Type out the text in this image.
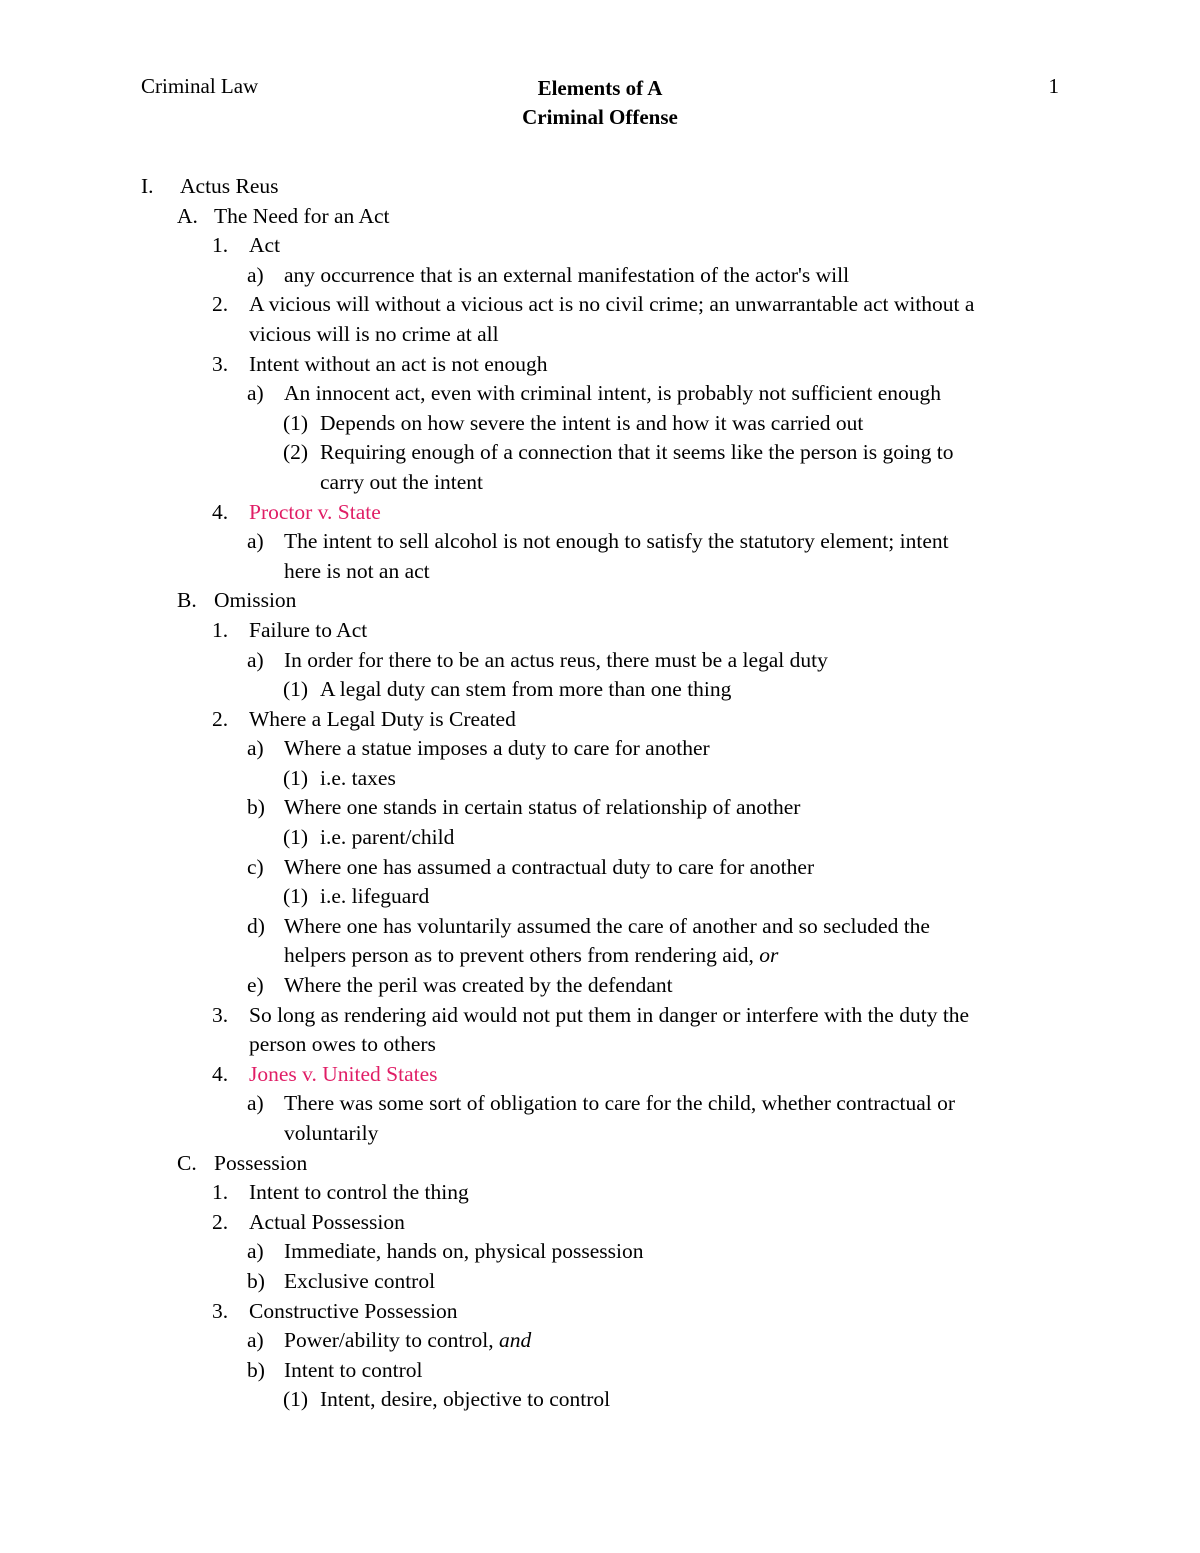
Criminal Law	Elements of A
Criminal Offense
1
I. Actus Reus
A. The Need for an Act
1. Act
a) any occurrence that is an external manifestation of the actor's will
2. A vicious will without a vicious act is no civil crime; an unwarrantable act without a
vicious will is no crime at all
3. Intent without an act is not enough
a) An innocent act, even with criminal intent, is probably not sufficient enough
(1) Depends on how severe the intent is and how it was carried out
(2) Requiring enough of a connection that it seems like the person is going to
carry out the intent
4. Proctor v. State
a) The intent to sell alcohol is not enough to satisfy the statutory element; intent
here is not an act
B. Omission
1. Failure to Act
a) In order for there to be an actus reus, there must be a legal duty
(1) A legal duty can stem from more than one thing
2. Where a Legal Duty is Created
a) Where a statue imposes a duty to care for another
(1) i.e. taxes
b) Where one stands in certain status of relationship of another
(1) i.e. parent/child
c) Where one has assumed a contractual duty to care for another
(1) i.e. lifeguard
d) Where one has voluntarily assumed the care of another and so secluded the
helpers person as to prevent others from rendering aid, or
e) Where the peril was created by the defendant
3. So long as rendering aid would not put them in danger or interfere with the duty the
person owes to others
4. Jones v. United States
a) There was some sort of obligation to care for the child, whether contractual or
voluntarily
C. Possession
1. Intent to control the thing
2. Actual Possession
a) Immediate, hands on, physical possession
b) Exclusive control
3. Constructive Possession
a) Power/ability to control, and
b) Intent to control
(1) Intent, desire, objective to control
